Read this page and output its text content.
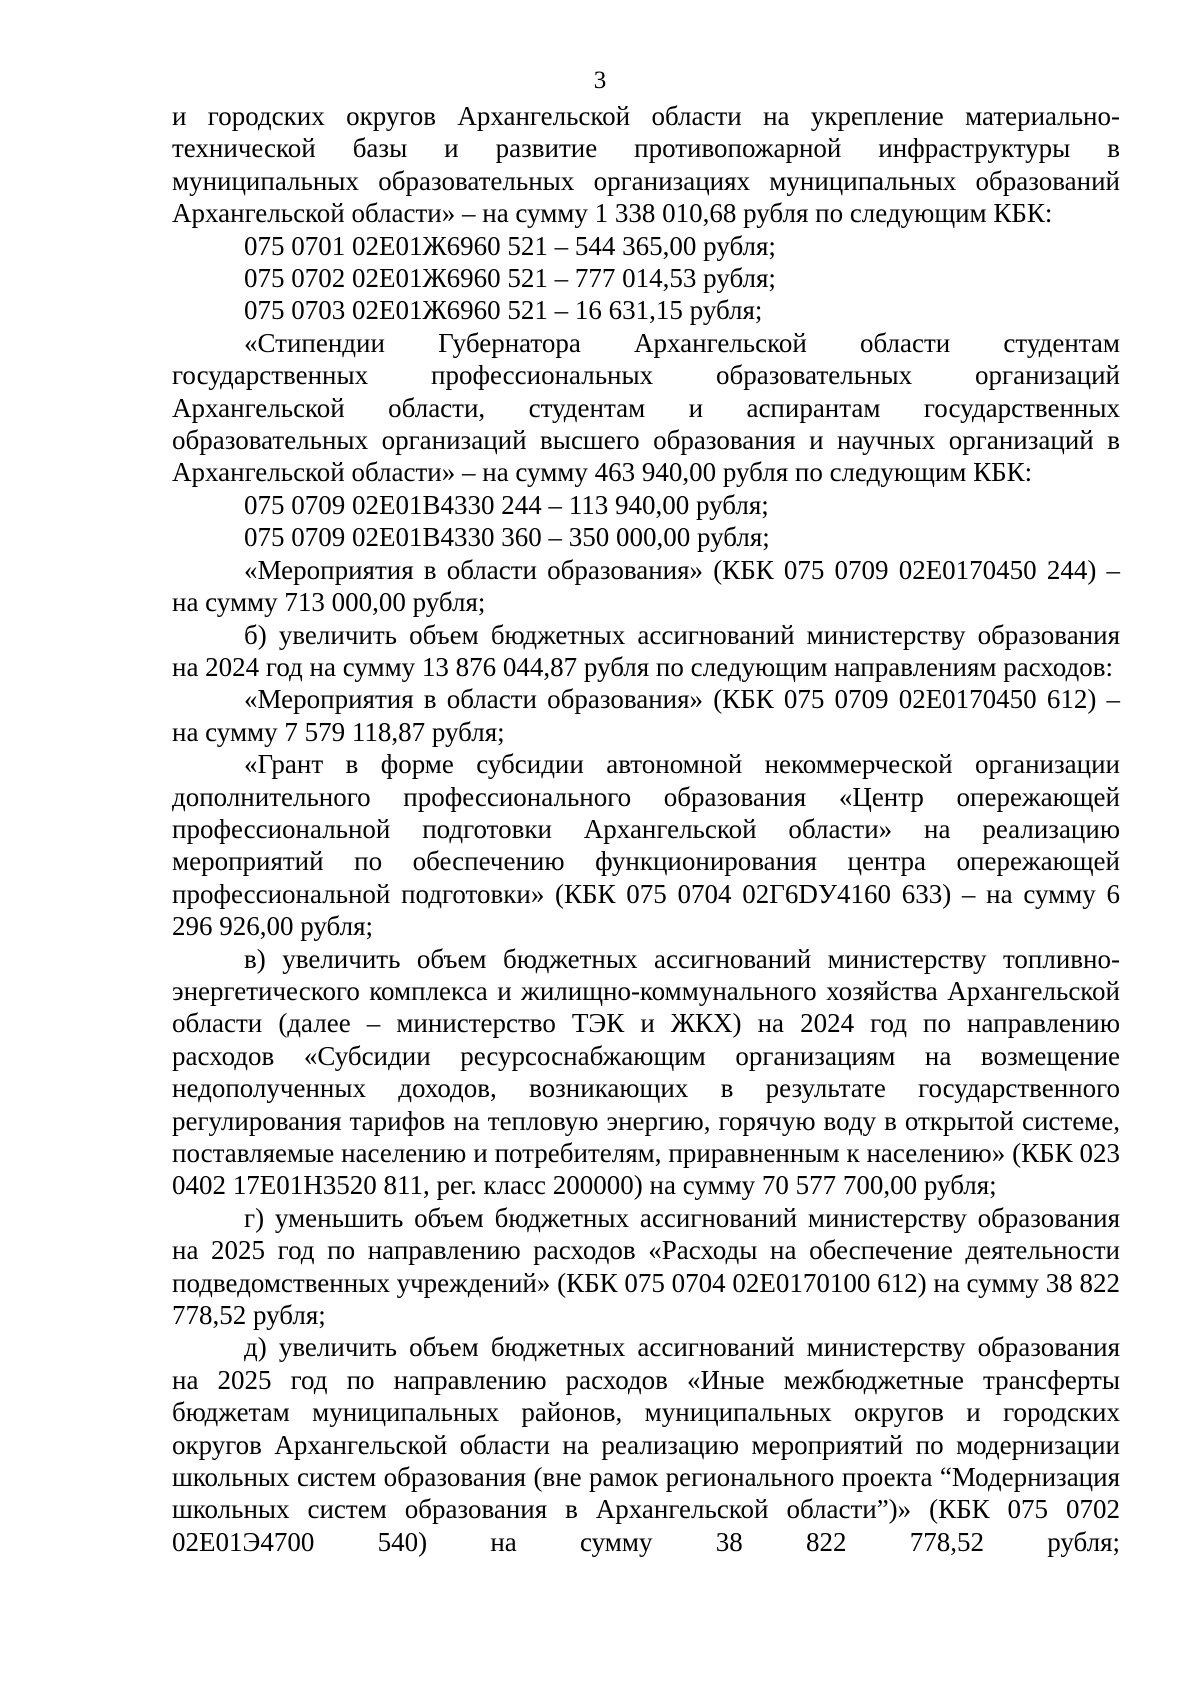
3

и городских округов Архангельской области на укрепление материально-технической базы и развитие противопожарной инфраструктуры в муниципальных образовательных организациях муниципальных образований Архангельской области» – на сумму 1 338 010,68 рубля по следующим КБК:

075 0701 02Е01Ж6960 521 – 544 365,00 рубля;

075 0702 02Е01Ж6960 521 – 777 014,53 рубля;

075 0703 02Е01Ж6960 521 – 16 631,15 рубля;

«Стипендии Губернатора Архангельской области студентам государственных профессиональных образовательных организаций Архангельской области, студентам и аспирантам государственных образовательных организаций высшего образования и научных организаций в Архангельской области» – на сумму 463 940,00 рубля по следующим КБК:

075 0709 02Е01В4330 244 – 113 940,00 рубля;

075 0709 02Е01В4330 360 – 350 000,00 рубля;

«Мероприятия в области образования» (КБК 075 0709 02Е0170450 244) – на сумму 713 000,00 рубля;

б) увеличить объем бюджетных ассигнований министерству образования на 2024 год на сумму 13 876 044,87 рубля по следующим направлениям расходов:

«Мероприятия в области образования» (КБК 075 0709 02Е0170450 612) – на сумму 7 579 118,87 рубля;

«Грант в форме субсидии автономной некоммерческой организации дополнительного профессионального образования «Центр опережающей профессиональной подготовки Архангельской области» на реализацию мероприятий по обеспечению функционирования центра опережающей профессиональной подготовки» (КБК 075 0704 02Г6DУ4160 633) – на сумму 6 296 926,00 рубля;

в) увеличить объем бюджетных ассигнований министерству топливно-энергетического комплекса и жилищно-коммунального хозяйства Архангельской области (далее – министерство ТЭК и ЖКХ) на 2024 год по направлению расходов «Субсидии ресурсоснабжающим организациям на возмещение недополученных доходов, возникающих в результате государственного регулирования тарифов на тепловую энергию, горячую воду в открытой системе, поставляемые населению и потребителям, приравненным к населению» (КБК 023 0402 17Е01Н3520 811, рег. класс 200000) на сумму 70 577 700,00 рубля;

г) уменьшить объем бюджетных ассигнований министерству образования на 2025 год по направлению расходов «Расходы на обеспечение деятельности подведомственных учреждений» (КБК 075 0704 02Е0170100 612) на сумму 38 822 778,52 рубля;

д) увеличить объем бюджетных ассигнований министерству образования на 2025 год по направлению расходов «Иные межбюджетные трансферты бюджетам муниципальных районов, муниципальных округов и городских округов Архангельской области на реализацию мероприятий по модернизации школьных систем образования (вне рамок регионального проекта “Модернизация школьных систем образования в Архангельской области”)» (КБК 075 0702 02Е01Э4700 540) на сумму 38 822 778,52 рубля;
